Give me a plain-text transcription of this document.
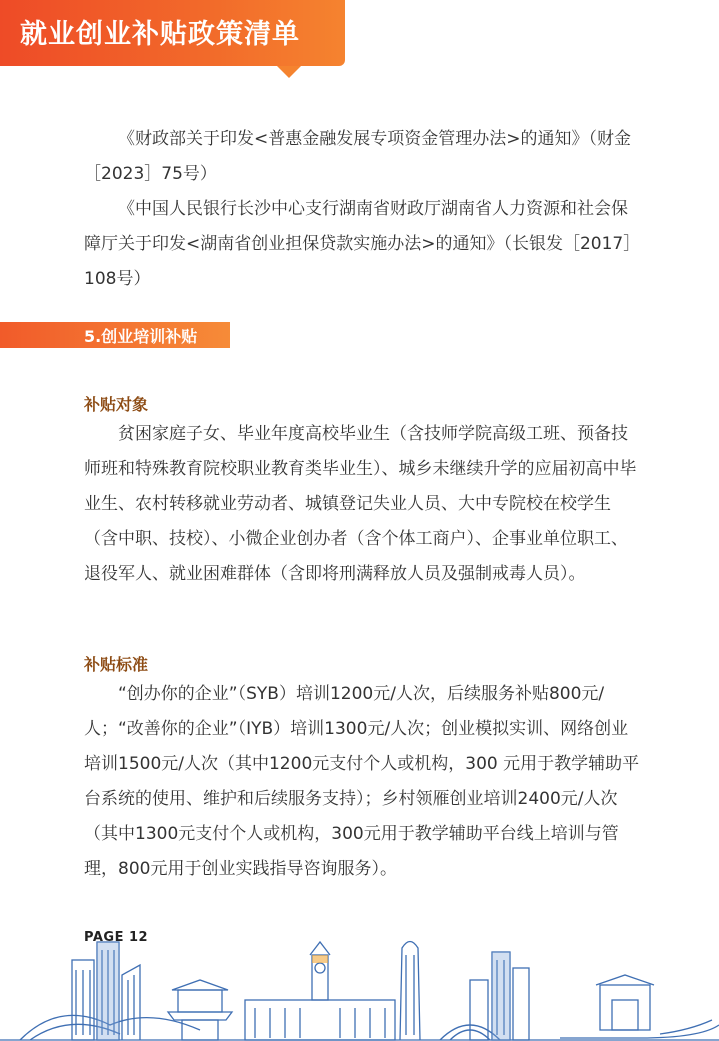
就业创业补贴政策清单

《财政部关于印发<普惠金融发展专项资金管理办法>的通知》（财金［2023］75号）

《中国人民银行长沙中心支行湖南省财政厅湖南省人力资源和社会保障厅关于印发<湖南省创业担保贷款实施办法>的通知》（长银发［2017］108号）

5.创业培训补贴
补贴对象

贫困家庭子女、毕业年度高校毕业生（含技师学院高级工班、预备技师班和特殊教育院校职业教育类毕业生）、城乡未继续升学的应届初高中毕业生、农村转移就业劳动者、城镇登记失业人员、大中专院校在校学生（含中职、技校）、小微企业创办者（含个体工商户）、企事业单位职工、退役军人、就业困难群体（含即将刑满释放人员及强制戒毒人员）。

补贴标准

“创办你的企业”（SYB）培训1200元/人次，后续服务补贴800元/人；“改善你的企业”（IYB）培训1300元/人次；创业模拟实训、网络创业培训1500元/人次（其中1200元支付个人或机构，300 元用于教学辅助平台系统的使用、维护和后续服务支持）；乡村领雁创业培训2400元/人次（其中1300元支付个人或机构，300元用于教学辅助平台线上培训与管理，800元用于创业实践指导咨询服务）。

PAGE 12
